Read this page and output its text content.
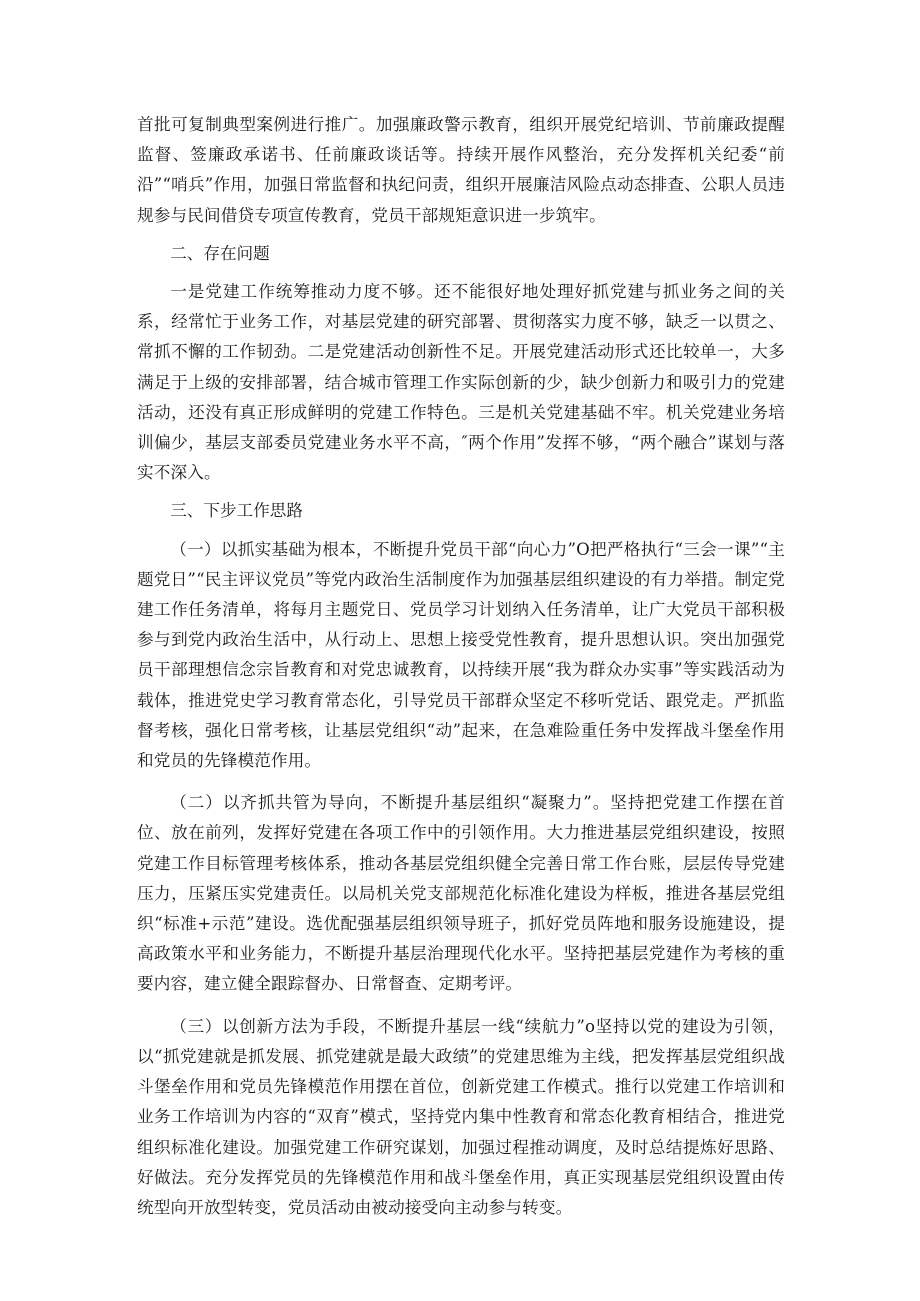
首批可复制典型案例进行推广。加强廉政警示教育，组织开展党纪培训、节前廉政提醒监督、签廉政承诺书、任前廉政谈话等。持续开展作风整治，充分发挥机关纪委“前沿”“哨兵”作用，加强日常监督和执纪问责，组织开展廉洁风险点动态排查、公职人员违规参与民间借贷专项宣传教育，党员干部规矩意识进一步筑牢。

二、存在问题

一是党建工作统筹推动力度不够。还不能很好地处理好抓党建与抓业务之间的关系，经常忙于业务工作，对基层党建的研究部署、贯彻落实力度不够，缺乏一以贯之、常抓不懈的工作韧劲。二是党建活动创新性不足。开展党建活动形式还比较单一，大多满足于上级的安排部署，结合城市管理工作实际创新的少，缺少创新力和吸引力的党建活动，还没有真正形成鲜明的党建工作特色。三是机关党建基础不牢。机关党建业务培训偏少，基层支部委员党建业务水平不高，″两个作用”发挥不够，“两个融合”谋划与落实不深入。

三、下步工作思路

（一）以抓实基础为根本，不断提升党员干部“向心力”O把严格执行“三会一课”“主题党日”“民主评议党员”等党内政治生活制度作为加强基层组织建设的有力举措。制定党建工作任务清单，将每月主题党日、党员学习计划纳入任务清单，让广大党员干部积极参与到党内政治生活中，从行动上、思想上接受党性教育，提升思想认识。突出加强党员干部理想信念宗旨教育和对党忠诚教育，以持续开展“我为群众办实事”等实践活动为载体，推进党史学习教育常态化，引导党员干部群众坚定不移听党话、跟党走。严抓监督考核，强化日常考核，让基层党组织“动”起来，在急难险重任务中发挥战斗堡垒作用和党员的先锋模范作用。

（二）以齐抓共管为导向，不断提升基层组织“凝聚力”。坚持把党建工作摆在首位、放在前列，发挥好党建在各项工作中的引领作用。大力推进基层党组织建设，按照党建工作目标管理考核体系，推动各基层党组织健全完善日常工作台账，层层传导党建压力，压紧压实党建责任。以局机关党支部规范化标准化建设为样板，推进各基层党组织“标准+示范”建设。选优配强基层组织领导班子，抓好党员阵地和服务设施建设，提高政策水平和业务能力，不断提升基层治理现代化水平。坚持把基层党建作为考核的重要内容，建立健全跟踪督办、日常督查、定期考评。

（三）以创新方法为手段，不断提升基层一线“续航力”o坚持以党的建设为引领，以“抓党建就是抓发展、抓党建就是最大政绩”的党建思维为主线，把发挥基层党组织战斗堡垒作用和党员先锋模范作用摆在首位，创新党建工作模式。推行以党建工作培训和业务工作培训为内容的“双育”模式，坚持党内集中性教育和常态化教育相结合，推进党组织标准化建设。加强党建工作研究谋划，加强过程推动调度，及时总结提炼好思路、好做法。充分发挥党员的先锋模范作用和战斗堡垒作用，真正实现基层党组织设置由传统型向开放型转变，党员活动由被动接受向主动参与转变。
